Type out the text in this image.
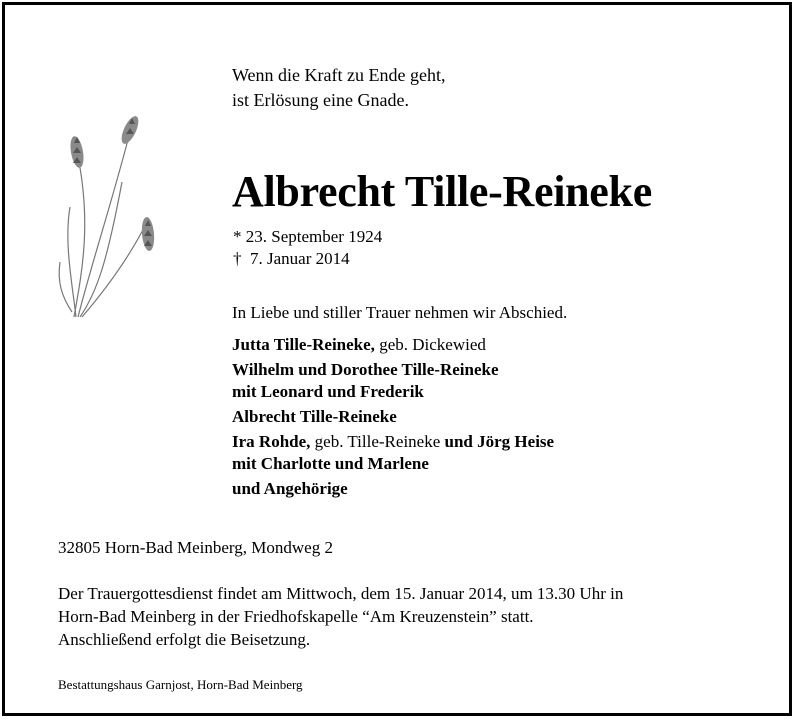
Wenn die Kraft zu Ende geht,
ist Erlösung eine Gnade.
Albrecht Tille-Reineke
* 23. September 1924
†  7. Januar 2014
In Liebe und stiller Trauer nehmen wir Abschied.
Jutta Tille-Reineke, geb. Dickewied
Wilhelm und Dorothee Tille-Reineke
mit Leonard und Frederik
Albrecht Tille-Reineke
Ira Rohde, geb. Tille-Reineke und Jörg Heise
mit Charlotte und Marlene
und Angehörige
32805 Horn-Bad Meinberg, Mondweg 2
Der Trauergottesdienst findet am Mittwoch, dem 15. Januar 2014, um 13.30 Uhr in
Horn-Bad Meinberg in der Friedhofskapelle “Am Kreuzenstein” statt.
Anschließend erfolgt die Beisetzung.
Bestattungshaus Garnjost, Horn-Bad Meinberg
